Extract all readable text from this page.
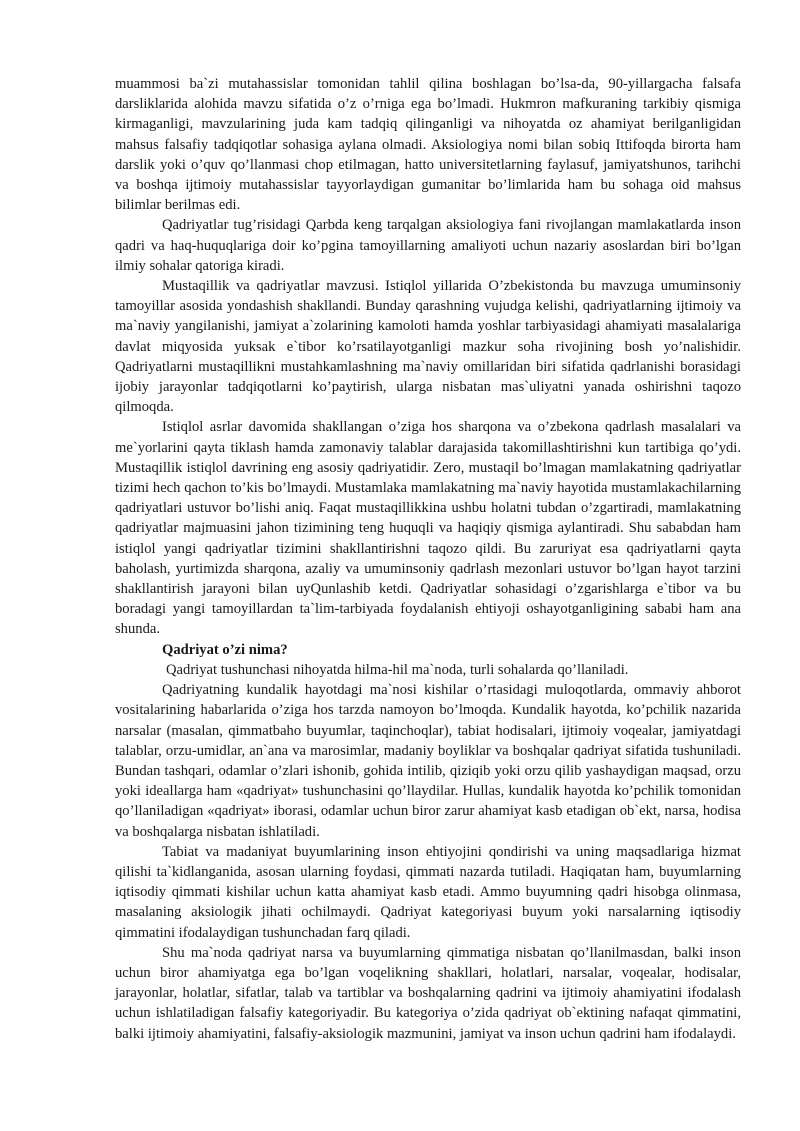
muammosi ba`zi mutahassislar tomonidan tahlil qilina boshlagan bo’lsa-da, 90-yillargacha falsafa darsliklarida alohida mavzu sifatida o’z o’rniga ega bo’lmadi. Hukmron mafkuraning tarkibiy qismiga kirmaganligi, mavzularining juda kam tadqiq qilinganligi va nihoyatda oz ahamiyat berilganligidan mahsus falsafiy tadqiqotlar sohasiga aylana olmadi. Aksiologiya nomi bilan sobiq Ittifoqda birorta ham darslik yoki o’quv qo’llanmasi chop etilmagan, hatto universitetlarning faylasuf, jamiyatshunos, tarihchi va boshqa ijtimoiy mutahassislar tayyorlaydigan gumanitar bo’limlarida ham bu sohaga oid mahsus bilimlar berilmas edi.

Qadriyatlar tug’risidagi Qarbda keng tarqalgan aksiologiya fani rivojlangan mamlakatlarda inson qadri va haq-huquqlariga doir ko’pgina tamoyillarning amaliyoti uchun nazariy asoslardan biri bo’lgan ilmiy sohalar qatoriga kiradi.

Mustaqillik va qadriyatlar mavzusi. Istiqlol yillarida O’zbekistonda bu mavzuga umuminsoniy tamoyillar asosida yondashish shakllandi. Bunday qarashning vujudga kelishi, qadriyatlarning ijtimoiy va ma`naviy yangilanishi, jamiyat a`zolarining kamoloti hamda yoshlar tarbiyasidagi ahamiyati masalalariga davlat miqyosida yuksak e`tibor ko’rsatilayotganligi mazkur soha rivojining bosh yo’nalishidir. Qadriyatlarni mustaqillikni mustahkamlashning ma`naviy omillaridan biri sifatida qadrlanishi borasidagi ijobiy jarayonlar tadqiqotlarni ko’paytirish, ularga nisbatan mas`uliyatni yanada oshirishni taqozo qilmoqda.

Istiqlol asrlar davomida shakllangan o’ziga hos sharqona va o’zbekona qadrlash masalalari va me`yorlarini qayta tiklash hamda zamonaviy talablar darajasida takomillashtirishni kun tartibiga qo’ydi. Mustaqillik istiqlol davrining eng asosiy qadriyatidir. Zero, mustaqil bo’lmagan mamlakatning qadriyatlar tizimi hech qachon to’kis bo’lmaydi. Mustamlaka mamlakatning ma`naviy hayotida mustamlakachilarning qadriyatlari ustuvor bo’lishi aniq. Faqat mustaqillikkina ushbu holatni tubdan o’zgartiradi, mamlakatning qadriyatlar majmuasini jahon tizimining teng huquqli va haqiqiy qismiga aylantiradi. Shu sababdan ham istiqlol yangi qadriyatlar tizimini shakllantirishni taqozo qildi. Bu zaruriyat esa qadriyatlarni qayta baholash, yurtimizda sharqona, azaliy va umuminsoniy qadrlash mezonlari ustuvor bo’lgan hayot tarzini shakllantirish jarayoni bilan uyQunlashib ketdi. Qadriyatlar sohasidagi o’zgarishlarga e`tibor va bu boradagi yangi tamoyillardan ta`lim-tarbiyada foydalanish ehtiyoji oshayotganligining sababi ham ana shunda.

Qadriyat o’zi nima?

Qadriyat tushunchasi nihoyatda hilma-hil ma`noda, turli sohalarda qo’llaniladi.

Qadriyatning kundalik hayotdagi ma`nosi kishilar o’rtasidagi muloqotlarda, ommaviy ahborot vositalarining habarlarida o’ziga hos tarzda namoyon bo’lmoqda. Kundalik hayotda, ko’pchilik nazarida narsalar (masalan, qimmatbaho buyumlar, taqinchoqlar), tabiat hodisalari, ijtimoiy voqealar, jamiyatdagi talablar, orzu-umidlar, an`ana va marosimlar, madaniy boyliklar va boshqalar qadriyat sifatida tushuniladi. Bundan tashqari, odamlar o’zlari ishonib, gohida intilib, qiziqib yoki orzu qilib yashaydigan maqsad, orzu yoki ideallarga ham «qadriyat» tushunchasini qo’llaydilar. Hullas, kundalik hayotda ko’pchilik tomonidan qo’llaniladigan «qadriyat» iborasi, odamlar uchun biror zarur ahamiyat kasb etadigan ob`ekt, narsa, hodisa va boshqalarga nisbatan ishlatiladi.

Tabiat va madaniyat buyumlarining inson ehtiyojini qondirishi va uning maqsadlariga hizmat qilishi ta`kidlanganida, asosan ularning foydasi, qimmati nazarda tutiladi. Haqiqatan ham, buyumlarning iqtisodiy qimmati kishilar uchun katta ahamiyat kasb etadi. Ammo buyumning qadri hisobga olinmasa, masalaning aksiologik jihati ochilmaydi. Qadriyat kategoriyasi buyum yoki narsalarning iqtisodiy qimmatini ifodalaydigan tushunchadan farq qiladi.

Shu ma`noda qadriyat narsa va buyumlarning qimmatiga nisbatan qo’llanilmasdan, balki inson uchun biror ahamiyatga ega bo’lgan voqelikning shakllari, holatlari, narsalar, voqealar, hodisalar, jarayonlar, holatlar, sifatlar, talab va tartiblar va boshqalarning qadrini va ijtimoiy ahamiyatini ifodalash uchun ishlatiladigan falsafiy kategoriyadir. Bu kategoriya o’zida qadriyat ob`ektining nafaqat qimmatini, balki ijtimoiy ahamiyatini, falsafiy-aksiologik mazmunini, jamiyat va inson uchun qadrini ham ifodalaydi.
